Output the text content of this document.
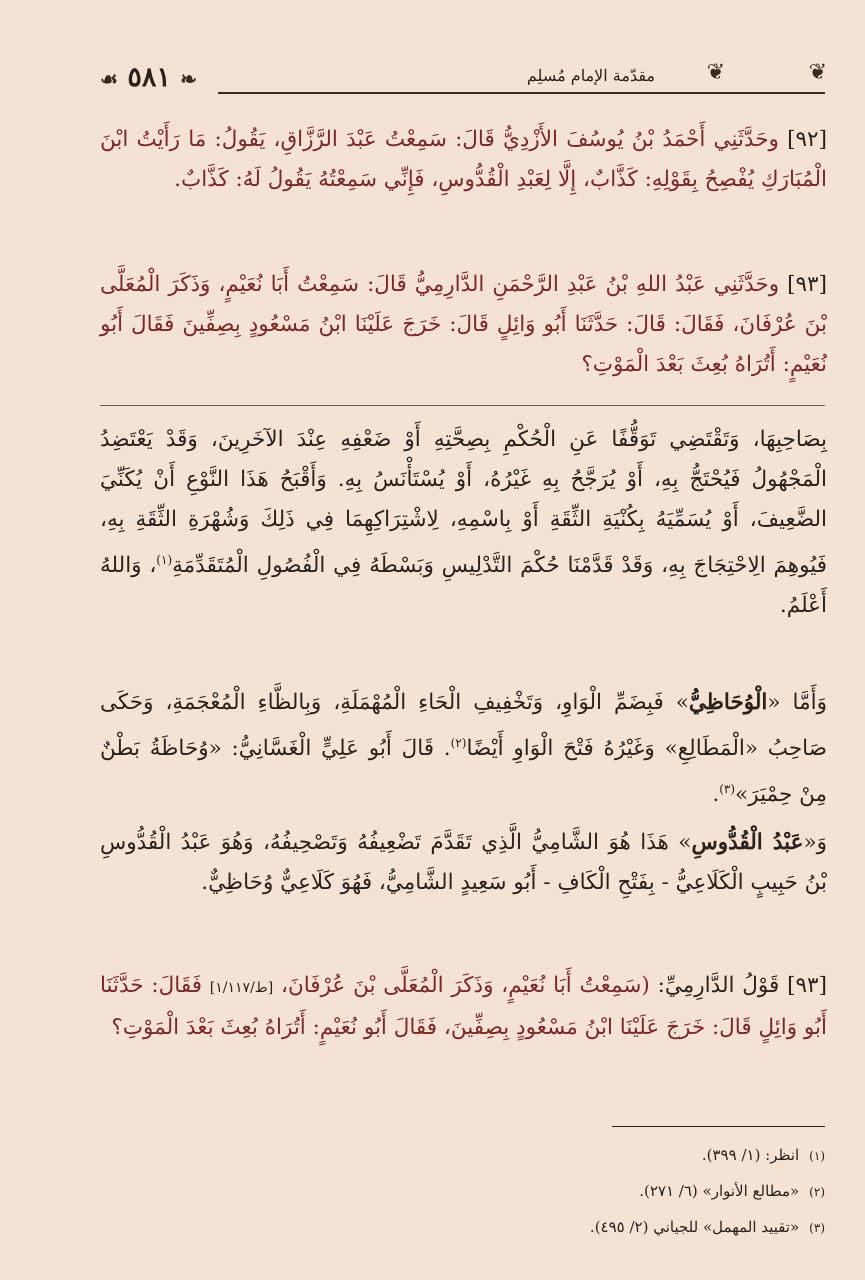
❧ ٥٨١ ☙	❦
مقدّمة الإمام مُسلِم	❦
[٩٢] وحَدَّثَنِي أَحْمَدُ بْنُ يُوسُفَ الأَزْدِيُّ قَالَ: سَمِعْتُ عَبْدَ الرَّزَّاقِ، يَقُولُ: مَا رَأَيْتُ ابْنَ الْمُبَارَكِ يُفْصِحُ بِقَوْلِهِ: كَذَّابٌ، إِلَّا لِعَبْدِ الْقُدُّوسِ، فَإِنِّي سَمِعْتُهُ يَقُولُ لَهُ: كَذَّابٌ.
[٩٣] وحَدَّثَنِي عَبْدُ اللهِ بْنُ عَبْدِ الرَّحْمَنِ الدَّارِمِيُّ قَالَ: سَمِعْتُ أَبَا نُعَيْمٍ، وَذَكَرَ الْمُعَلَّى بْنَ عُرْفَانَ، فَقَالَ: قَالَ: حَدَّثَنَا أَبُو وَائِلٍ قَالَ: خَرَجَ عَلَيْنَا ابْنُ مَسْعُودٍ بِصِفِّينَ فَقَالَ أَبُو نُعَيْمٍ: أَتُرَاهُ بُعِثَ بَعْدَ الْمَوْتِ؟
بِصَاحِبِهَا، وَتَقْتَضِي تَوَقُّفًا عَنِ الْحُكْمِ بِصِحَّتِهِ أَوْ ضَعْفِهِ عِنْدَ الآخَرِينَ، وَقَدْ يَعْتَضِدُ الْمَجْهُولُ فَيُحْتَجُّ بِهِ، أَوْ يُرَجَّحُ بِهِ غَيْرُهُ، أَوْ يُسْتَأْنَسُ بِهِ. وَأَقْبَحُ هَذَا النَّوْعِ أَنْ يُكَنِّيَ الضَّعِيفَ، أَوْ يُسَمِّيَهُ بِكُنْيَةِ الثِّقَةِ أَوْ بِاسْمِهِ، لِاشْتِرَاكِهِمَا فِي ذَلِكَ وَشُهْرَةِ الثِّقَةِ بِهِ، فَيُوهِمَ الِاحْتِجَاجَ بِهِ، وَقَدْ قَدَّمْنَا حُكْمَ التَّدْلِيسِ وَبَسْطَهُ فِي الْفُصُولِ الْمُتَقَدِّمَةِ$^{(١)}$، وَاللهُ أَعْلَمُ.
وَأَمَّا «الْوُحَاظِيُّ» فَبِضَمِّ الْوَاوِ، وَتَخْفِيفِ الْحَاءِ الْمُهْمَلَةِ، وَبِالظَّاءِ الْمُعْجَمَةِ، وَحَكَى صَاحِبُ «الْمَطَالِعِ» وَغَيْرُهُ فَتْحَ الْوَاوِ أَيْضًا$^{(٢)}$. قَالَ أَبُو عَلِيٍّ الْغَسَّانِيُّ: «وُحَاظَةُ بَطْنٌ مِنْ حِمْيَرَ»$^{(٣)}$.
وَ«عَبْدُ الْقُدُّوسِ» هَذَا هُوَ الشَّامِيُّ الَّذِي تَقَدَّمَ تَضْعِيفُهُ وَتَصْحِيفُهُ، وَهُوَ عَبْدُ الْقُدُّوسِ بْنُ حَبِيبٍ الْكَلَاعِيُّ - بِفَتْحِ الْكَافِ - أَبُو سَعِيدٍ الشَّامِيُّ، فَهُوَ كَلَاعِيٌّ وُحَاظِيٌّ.
[٩٣] قَوْلُ الدَّارِمِيِّ: (سَمِعْتُ أَبَا نُعَيْمٍ، وَذَكَرَ الْمُعَلَّى بْنَ عُرْفَانَ، [ط/١/١١٧] فَقَالَ: حَدَّثَنَا أَبُو وَائِلٍ قَالَ: خَرَجَ عَلَيْنَا ابْنُ مَسْعُودٍ بِصِفِّينَ، فَقَالَ أَبُو نُعَيْمٍ: أَتُرَاهُ بُعِثَ بَعْدَ الْمَوْتِ؟
(١)انظر: (١/ ٣٩٩).
(٢)«مطالع الأنوار» (٦/ ٢٧١).
(٣)«تقييد المهمل» للجياني (٢/ ٤٩٥).
